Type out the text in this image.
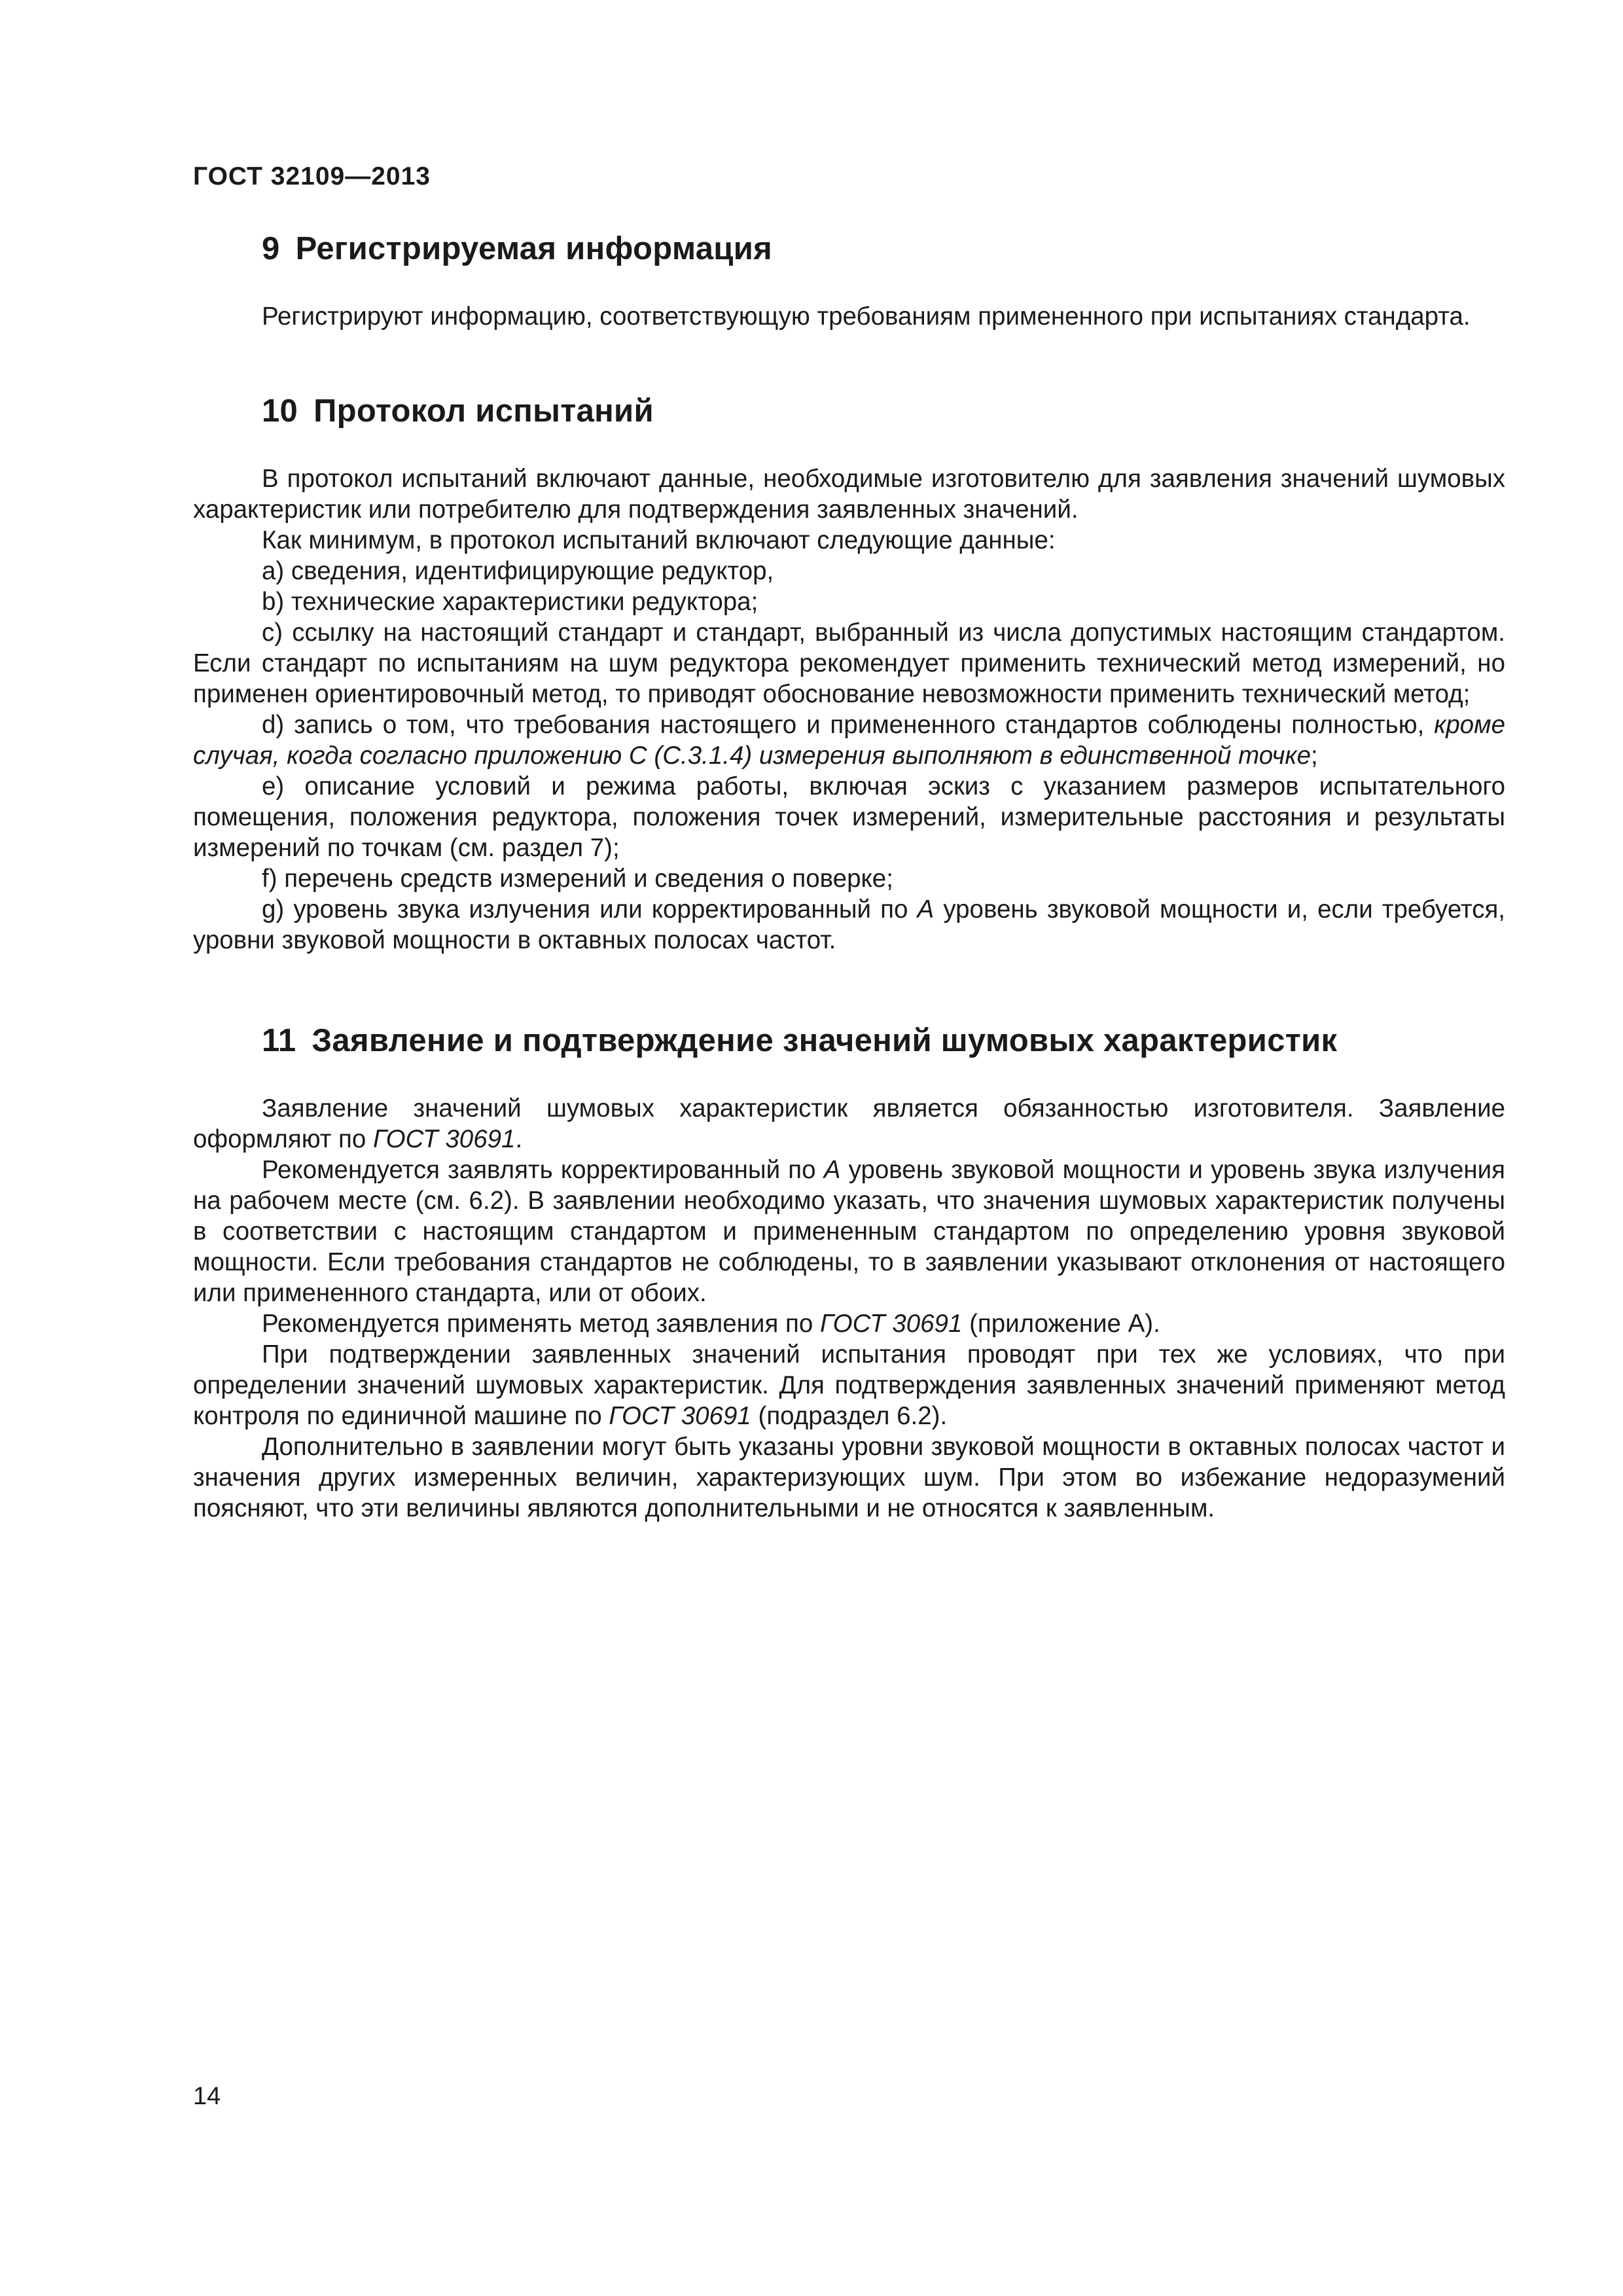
ГОСТ 32109—2013
9 Регистрируемая информация

Регистрируют информацию, соответствующую требованиям примененного при испытаниях стандарта.

10 Протокол испытаний

В протокол испытаний включают данные, необходимые изготовителю для заявления значений шумовых характеристик или потребителю для подтверждения заявленных значений.

Как минимум, в протокол испытаний включают следующие данные:

а) сведения, идентифицирующие редуктор,

b) технические характеристики редуктора;

с) ссылку на настоящий стандарт и стандарт, выбранный из числа допустимых настоящим стандартом. Если стандарт по испытаниям на шум редуктора рекомендует применить технический метод измерений, но применен ориентировочный метод, то приводят обоснование невозможности применить технический метод;

d) запись о том, что требования настоящего и примененного стандартов соблюдены полностью, кроме случая, когда согласно приложению С (С.3.1.4) измерения выполняют в единственной точке;

е) описание условий и режима работы, включая эскиз с указанием размеров испытательного помещения, положения редуктора, положения точек измерений, измерительные расстояния и результаты измерений по точкам (см. раздел 7);

f) перечень средств измерений и сведения о поверке;

g) уровень звука излучения или корректированный по А уровень звуковой мощности и, если требуется, уровни звуковой мощности в октавных полосах частот.

11 Заявление и подтверждение значений шумовых характеристик

Заявление значений шумовых характеристик является обязанностью изготовителя. Заявление оформляют по ГОСТ 30691.

Рекомендуется заявлять корректированный по А уровень звуковой мощности и уровень звука излучения на рабочем месте (см. 6.2). В заявлении необходимо указать, что значения шумовых характеристик получены в соответствии с настоящим стандартом и примененным стандартом по определению уровня звуковой мощности. Если требования стандартов не соблюдены, то в заявлении указывают отклонения от настоящего или примененного стандарта, или от обоих.

Рекомендуется применять метод заявления по ГОСТ 30691 (приложение А).

При подтверждении заявленных значений испытания проводят при тех же условиях, что при определении значений шумовых характеристик. Для подтверждения заявленных значений применяют метод контроля по единичной машине по ГОСТ 30691 (подраздел 6.2).

Дополнительно в заявлении могут быть указаны уровни звуковой мощности в октавных полосах частот и значения других измеренных величин, характеризующих шум. При этом во избежание недоразумений поясняют, что эти величины являются дополнительными и не относятся к заявленным.

14
